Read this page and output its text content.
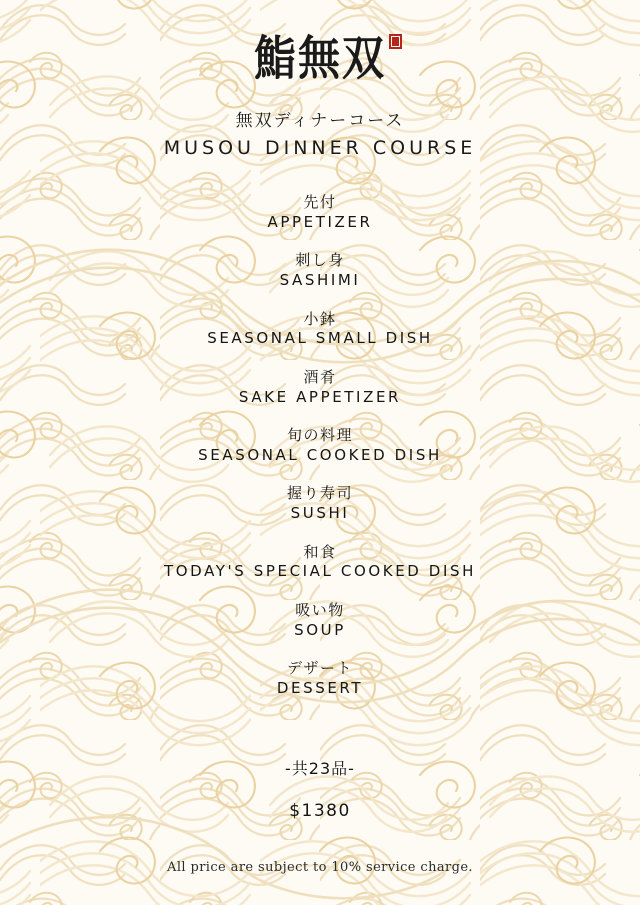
鮨無双
無双ディナーコース
MUSOU DINNER COURSE
先付
APPETIZER
刺し身
SASHIMI
小鉢
SEASONAL SMALL DISH
酒肴
SAKE APPETIZER
旬の料理
SEASONAL COOKED DISH
握り寿司
SUSHI
和食
TODAY'S SPECIAL COOKED DISH
吸い物
SOUP
デザート
DESSERT
-共23品-
$1380
All price are subject to 10% service charge.
